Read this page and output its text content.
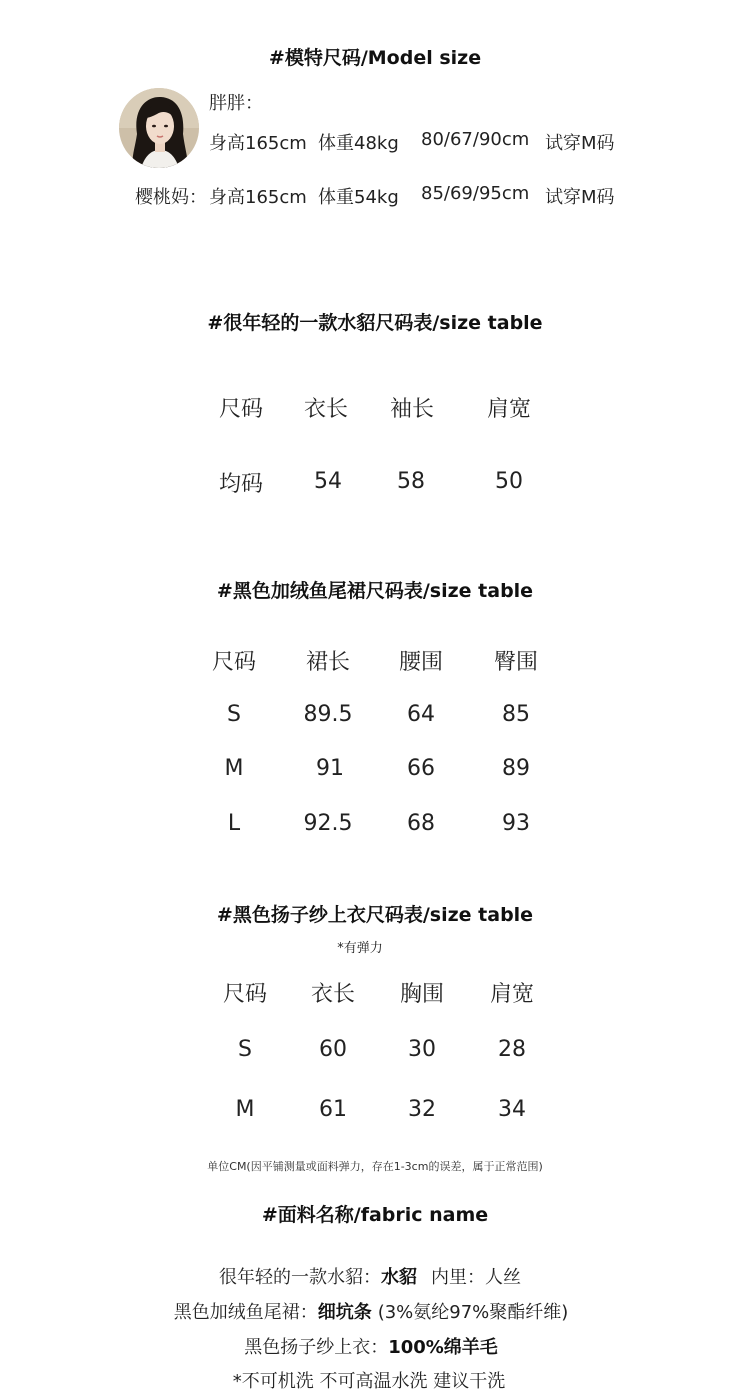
#模特尺码/Model size
胖胖：
身高165cm 体重48kg 80/67/90cm 试穿M码
樱桃妈： 身高165cm 体重54kg 85/69/95cm 试穿M码
#很年轻的一款水貂尺码表/size table
尺码 衣长 袖长 肩宽
均码 54	58	50
#黑色加绒鱼尾裙尺码表/size table
尺码 裙长 腰围 臀围
S	89.5 64	85
M	91	66	89
L	92.5 68	93
#黑色扬子纱上衣尺码表/size table
*有弹力
尺码 衣长 胸围 肩宽
S	60	30	28
M	61	32	34
单位CM(因平铺测量或面料弹力，存在1-3cm的误差，属于正常范围)
#面料名称/fabric name
很年轻的一款水貂：水貂 内里：人丝
黑色加绒鱼尾裙：细坑条 (3%氨纶97%聚酯纤维)
黑色扬子纱上衣：100%绵羊毛
*不可机洗 不可高温水洗 建议干洗
